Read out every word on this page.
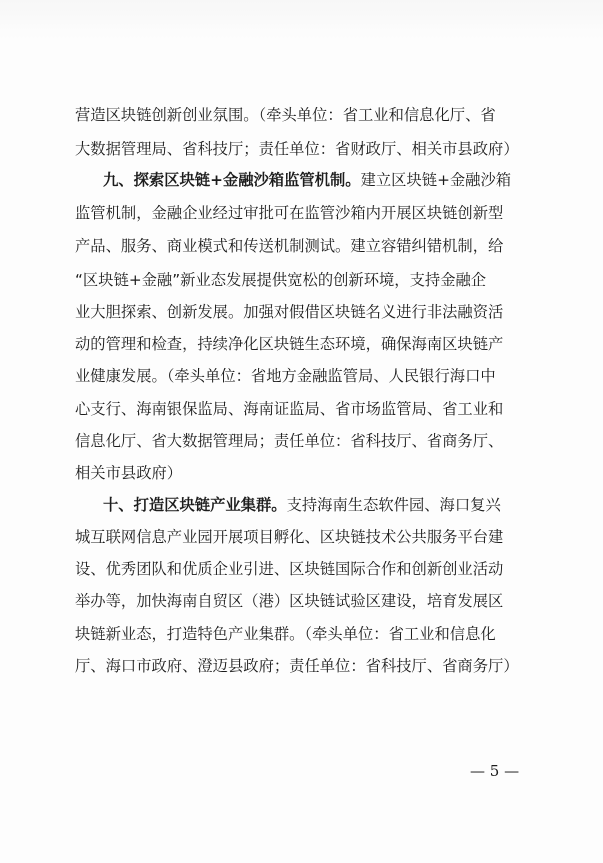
营造区块链创新创业氛围。（牵头单位：省工业和信息化厅、省
大数据管理局、省科技厅；责任单位：省财政厅、相关市县政府）
九、探索区块链+金融沙箱监管机制。建立区块链+金融沙箱
监管机制，金融企业经过审批可在监管沙箱内开展区块链创新型
产品、服务、商业模式和传送机制测试。建立容错纠错机制，给
“区块链+金融”新业态发展提供宽松的创新环境，支持金融企
业大胆探索、创新发展。加强对假借区块链名义进行非法融资活
动的管理和检查，持续净化区块链生态环境，确保海南区块链产
业健康发展。（牵头单位：省地方金融监管局、人民银行海口中
心支行、海南银保监局、海南证监局、省市场监管局、省工业和
信息化厅、省大数据管理局；责任单位：省科技厅、省商务厅、
相关市县政府）
十、打造区块链产业集群。支持海南生态软件园、海口复兴
城互联网信息产业园开展项目孵化、区块链技术公共服务平台建
设、优秀团队和优质企业引进、区块链国际合作和创新创业活动
举办等，加快海南自贸区（港）区块链试验区建设，培育发展区
块链新业态，打造特色产业集群。（牵头单位：省工业和信息化
厅、海口市政府、澄迈县政府；责任单位：省科技厅、省商务厅）
— 5 —
